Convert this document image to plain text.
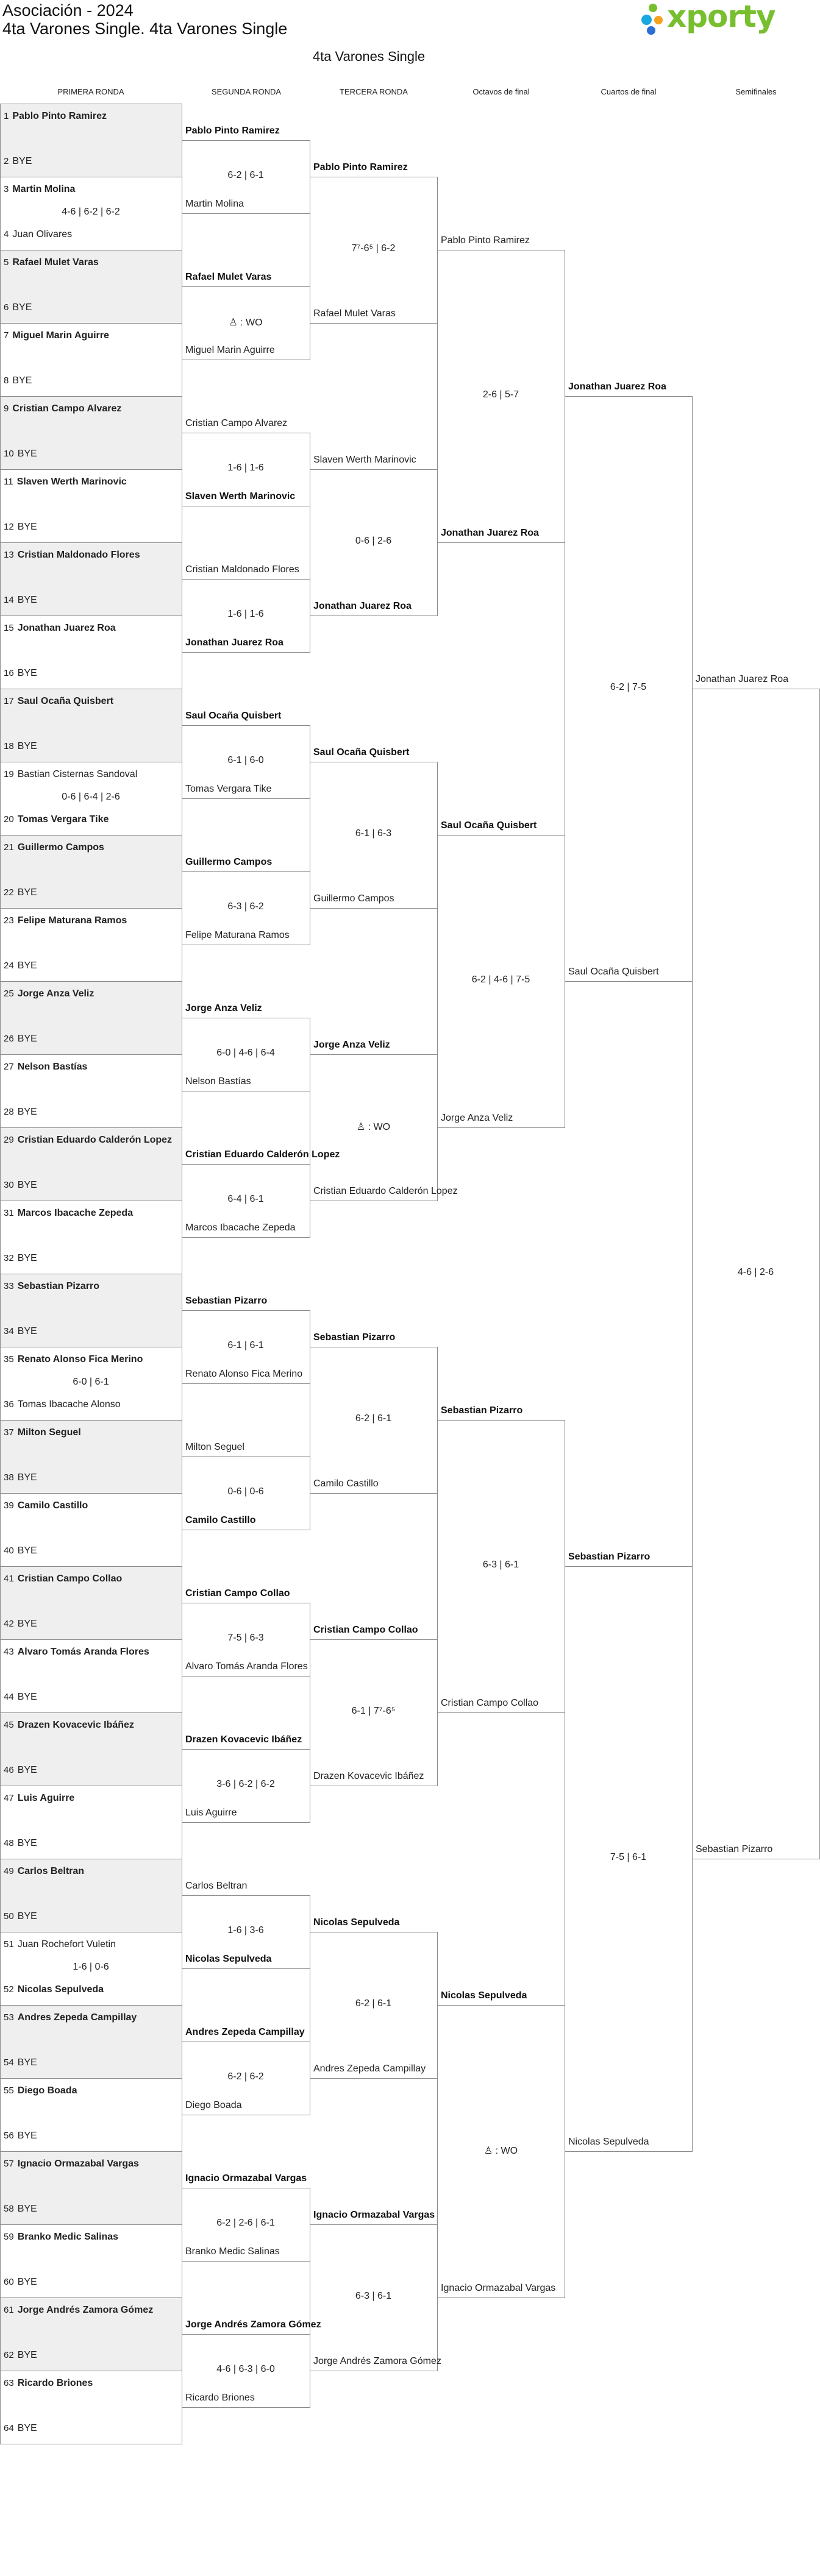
Asociación - 2024
4ta Varones Single. 4ta Varones Single	xporty
4ta Varones Single
PRIMERA RONDA	SEGUNDA RONDA	TERCERA RONDA	Octavos de final	Cuartos de final	Semifinales
1 Pablo Pinto Ramirez
2 BYE
3 Martin Molina
4 Juan Olivares
4-6 | 6-2 | 6-2
5 Rafael Mulet Varas
6 BYE
7 Miguel Marin Aguirre
8 BYE
9 Cristian Campo Alvarez
10 BYE
11 Slaven Werth Marinovic
12 BYE
13 Cristian Maldonado Flores
14 BYE
15 Jonathan Juarez Roa
16 BYE
17 Saul Ocaña Quisbert
18 BYE
19 Bastian Cisternas Sandoval
20 Tomas Vergara Tike
0-6 | 6-4 | 2-6
21 Guillermo Campos
22 BYE
23 Felipe Maturana Ramos
24 BYE
25 Jorge Anza Veliz
26 BYE
27 Nelson Bastías
28 BYE
29 Cristian Eduardo Calderón Lopez
30 BYE
31 Marcos Ibacache Zepeda
32 BYE
33 Sebastian Pizarro
34 BYE
35 Renato Alonso Fica Merino
36 Tomas Ibacache Alonso
6-0 | 6-1
37 Milton Seguel
38 BYE
39 Camilo Castillo
40 BYE
41 Cristian Campo Collao
42 BYE
43 Alvaro Tomás Aranda Flores
44 BYE
45 Drazen Kovacevic Ibáñez
46 BYE
47 Luis Aguirre
48 BYE
49 Carlos Beltran
50 BYE
51 Juan Rochefort Vuletin
52 Nicolas Sepulveda
1-6 | 0-6
53 Andres Zepeda Campillay
54 BYE
55 Diego Boada
56 BYE
57 Ignacio Ormazabal Vargas
58 BYE
59 Branko Medic Salinas
60 BYE
61 Jorge Andrés Zamora Gómez
62 BYE
63 Ricardo Briones
64 BYE
Pablo Pinto Ramirez
Martin Molina
6-2 | 6-1
Rafael Mulet Varas
Miguel Marin Aguirre
♙ : WO
Cristian Campo Alvarez
Slaven Werth Marinovic
1-6 | 1-6
Cristian Maldonado Flores
Jonathan Juarez Roa
1-6 | 1-6
Saul Ocaña Quisbert
Tomas Vergara Tike
6-1 | 6-0
Guillermo Campos
Felipe Maturana Ramos
6-3 | 6-2
Jorge Anza Veliz
Nelson Bastías
6-0 | 4-6 | 6-4
Cristian Eduardo Calderón Lopez
Marcos Ibacache Zepeda
6-4 | 6-1
Sebastian Pizarro
Renato Alonso Fica Merino
6-1 | 6-1
Milton Seguel
Camilo Castillo
0-6 | 0-6
Cristian Campo Collao
Alvaro Tomás Aranda Flores
7-5 | 6-3
Drazen Kovacevic Ibáñez
Luis Aguirre
3-6 | 6-2 | 6-2
Carlos Beltran
Nicolas Sepulveda
1-6 | 3-6
Andres Zepeda Campillay
Diego Boada
6-2 | 6-2
Ignacio Ormazabal Vargas
Branko Medic Salinas
6-2 | 2-6 | 6-1
Jorge Andrés Zamora Gómez
Ricardo Briones
4-6 | 6-3 | 6-0
Pablo Pinto Ramirez
Rafael Mulet Varas
7⁷-6⁵ | 6-2
Slaven Werth Marinovic
Jonathan Juarez Roa
0-6 | 2-6
Saul Ocaña Quisbert
Guillermo Campos
6-1 | 6-3
Jorge Anza Veliz
Cristian Eduardo Calderón Lopez
♙ : WO
Sebastian Pizarro
Camilo Castillo
6-2 | 6-1
Cristian Campo Collao
Drazen Kovacevic Ibáñez
6-1 | 7⁷-6⁵
Nicolas Sepulveda
Andres Zepeda Campillay
6-2 | 6-1
Ignacio Ormazabal Vargas
Jorge Andrés Zamora Gómez
6-3 | 6-1
Pablo Pinto Ramirez
Jonathan Juarez Roa
2-6 | 5-7
Saul Ocaña Quisbert
Jorge Anza Veliz
6-2 | 4-6 | 7-5
Sebastian Pizarro
Cristian Campo Collao
6-3 | 6-1
Nicolas Sepulveda
Ignacio Ormazabal Vargas
♙ : WO
Jonathan Juarez Roa
Saul Ocaña Quisbert
6-2 | 7-5
Sebastian Pizarro
Nicolas Sepulveda
7-5 | 6-1
Jonathan Juarez Roa
Sebastian Pizarro
4-6 | 2-6
